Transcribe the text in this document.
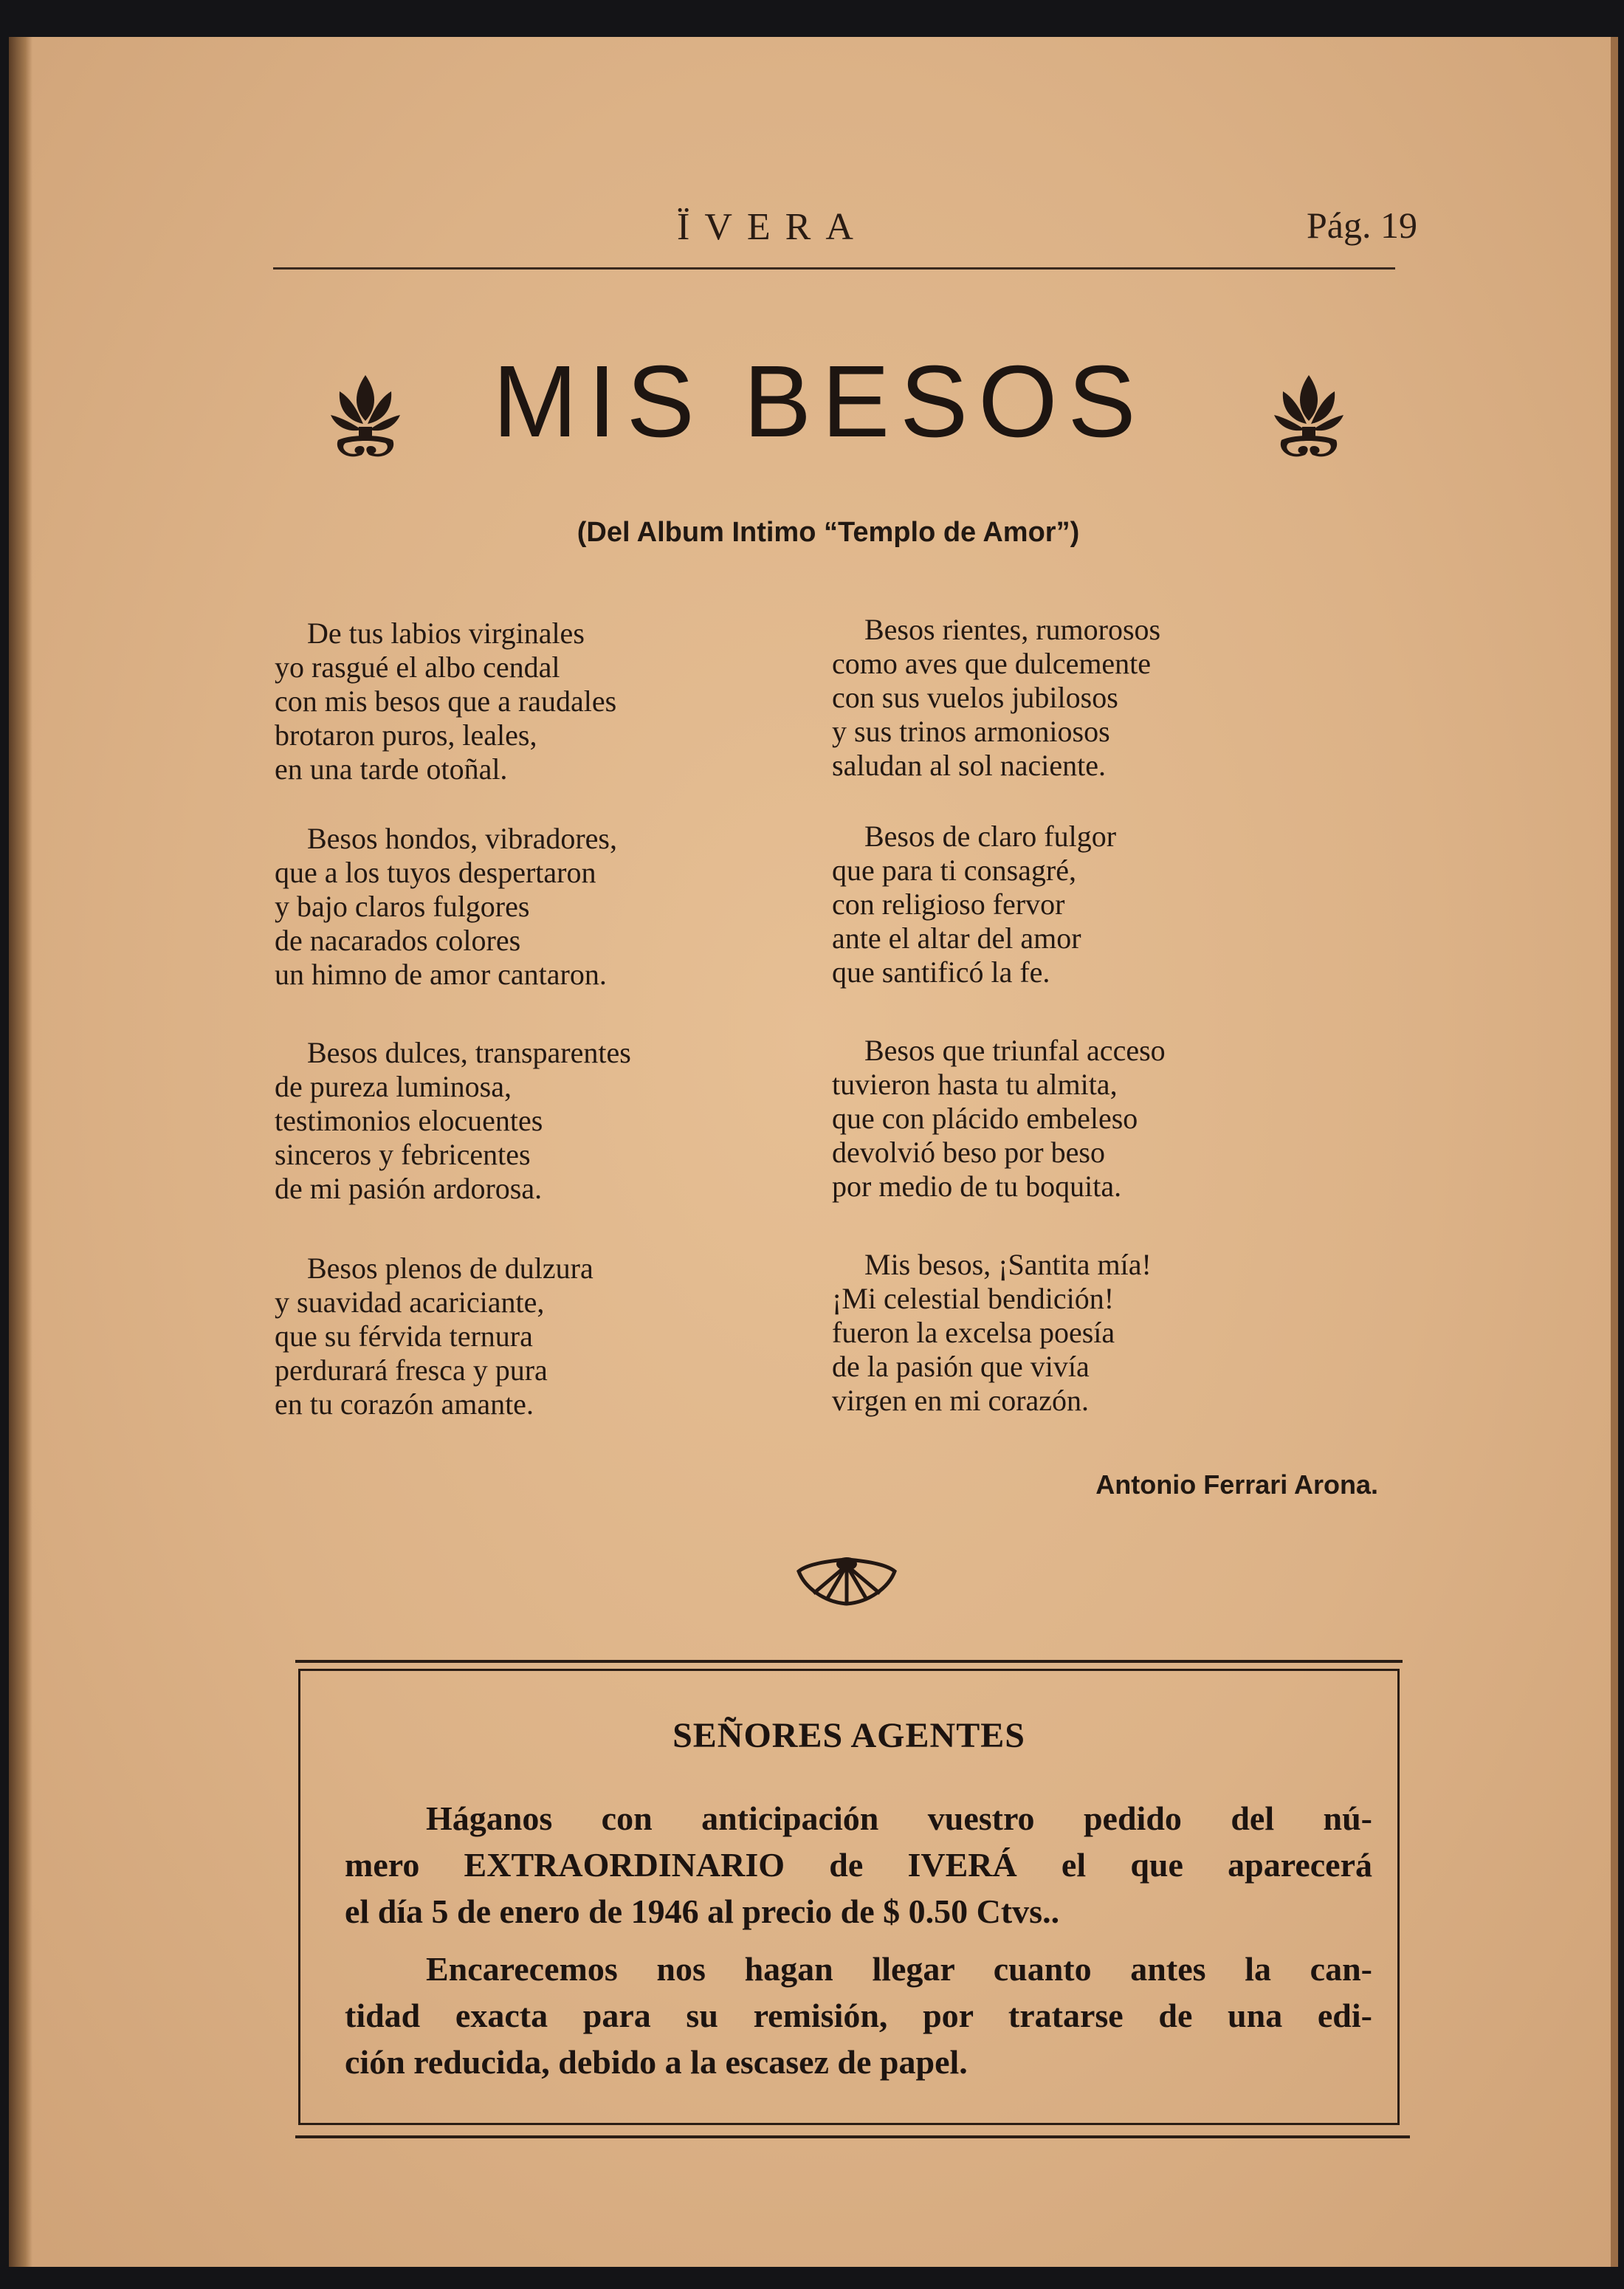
ÏVERA	Pág. 19
MIS BESOS
(Del Album Intimo “Templo de Amor”)
De tus labios virginales
yo rasgué el albo cendal
con mis besos que a raudales
brotaron puros, leales,
en una tarde otoñal.
Besos hondos, vibradores,
que a los tuyos despertaron
y bajo claros fulgores
de nacarados colores
un himno de amor cantaron.
Besos dulces, transparentes
de pureza luminosa,
testimonios elocuentes
sinceros y febricentes
de mi pasión ardorosa.
Besos plenos de dulzura
y suavidad acariciante,
que su férvida ternura
perdurará fresca y pura
en tu corazón amante.
Besos rientes, rumorosos
como aves que dulcemente
con sus vuelos jubilosos
y sus trinos armoniosos
saludan al sol naciente.
Besos de claro fulgor
que para ti consagré,
con religioso fervor
ante el altar del amor
que santificó la fe.
Besos que triunfal acceso
tuvieron hasta tu almita,
que con plácido embeleso
devolvió beso por beso
por medio de tu boquita.
Mis besos, ¡Santita mía!
¡Mi celestial bendición!
fueron la excelsa poesía
de la pasión que vivía
virgen en mi corazón.
Antonio Ferrari Arona.
SEÑORES AGENTES
Háganos con anticipación vuestro pedido del nú-
mero EXTRAORDINARIO de IVERÁ el que aparecerá
el día 5 de enero de 1946 al precio de $ 0.50 Ctvs..
Encarecemos nos hagan llegar cuanto antes la can-
tidad exacta para su remisión, por tratarse de una edi-
ción reducida, debido a la escasez de papel.
